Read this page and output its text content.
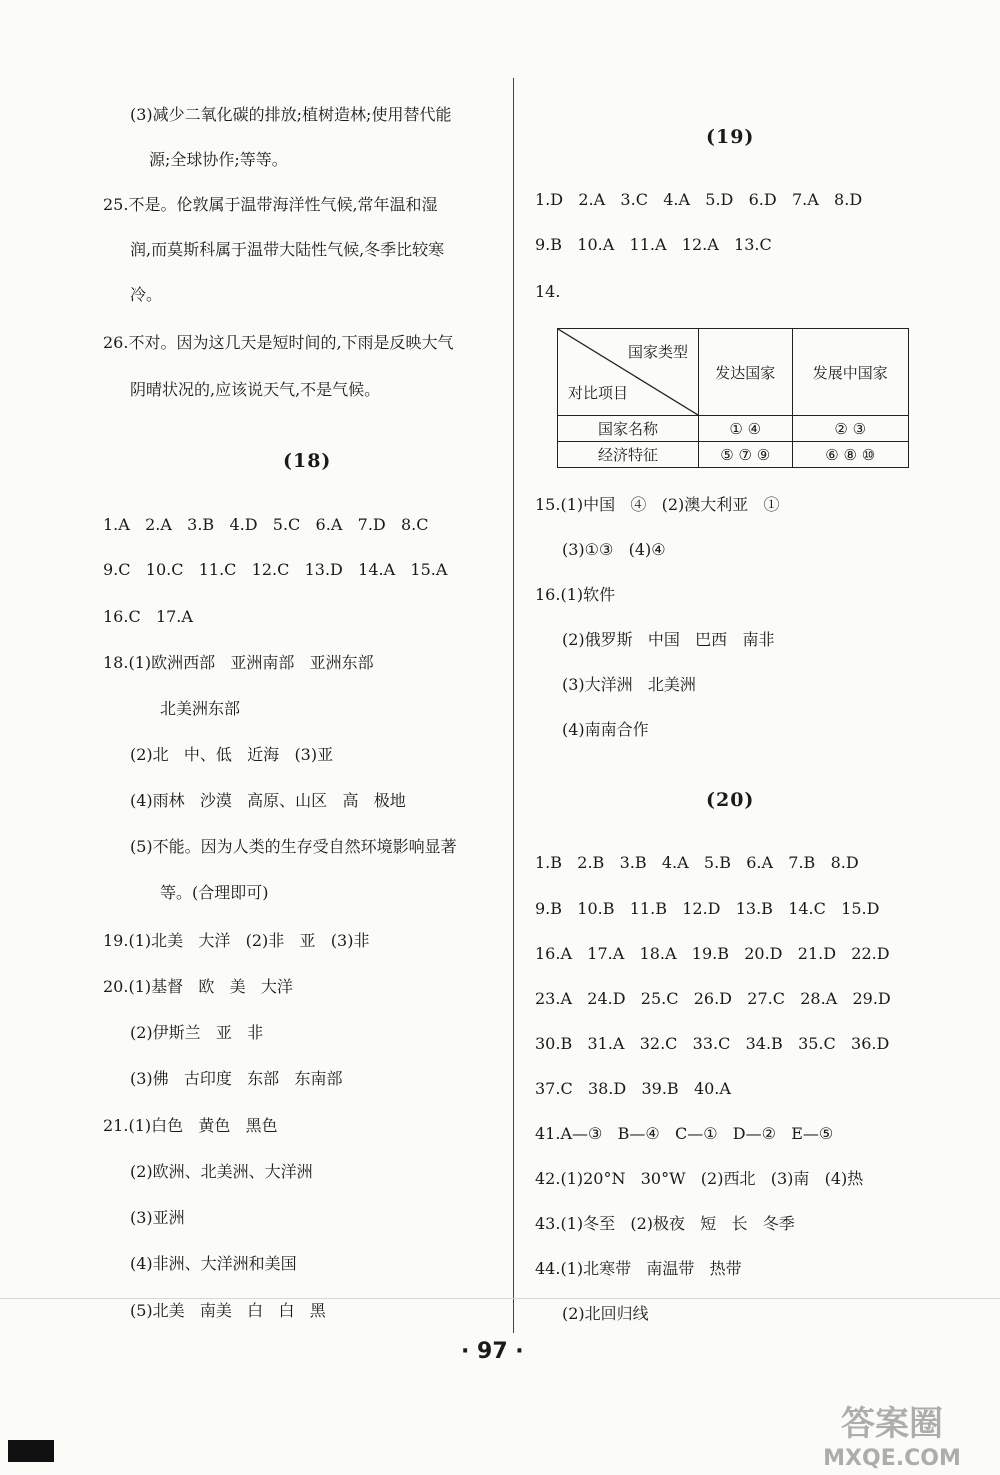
(3)减少二氧化碳的排放;植树造林;使用替代能
源;全球协作;等等。
25.不是。伦敦属于温带海洋性气候,常年温和湿
润,而莫斯科属于温带大陆性气候,冬季比较寒
冷。
26.不对。因为这几天是短时间的,下雨是反映大气
阴晴状况的,应该说天气,不是气候。
(18)
1.A   2.A   3.B   4.D   5.C   6.A   7.D   8.C
9.C   10.C   11.C   12.C   13.D   14.A   15.A
16.C   17.A
18.(1)欧洲西部   亚洲南部   亚洲东部
北美洲东部
(2)北   中、低   近海   (3)亚
(4)雨林   沙漠   高原、山区   高   极地
(5)不能。因为人类的生存受自然环境影响显著
等。(合理即可)
19.(1)北美   大洋   (2)非   亚   (3)非
20.(1)基督   欧   美   大洋
(2)伊斯兰   亚   非
(3)佛   古印度   东部   东南部
21.(1)白色   黄色   黑色
(2)欧洲、北美洲、大洋洲
(3)亚洲
(4)非洲、大洋洲和美国
(5)北美   南美   白   白   黑
(19)
1.D   2.A   3.C   4.A   5.D   6.D   7.A   8.D
9.B   10.A   11.A   12.A   13.C
14.
国家类型
对比项目	发达国家	发展中国家
国家名称	① ④	② ③
经济特征	⑤ ⑦ ⑨	⑥ ⑧ ⑩
15.(1)中国   ④   (2)澳大利亚   ①
(3)①③   (4)④
16.(1)软件
(2)俄罗斯   中国   巴西   南非
(3)大洋洲   北美洲
(4)南南合作
(20)
1.B   2.B   3.B   4.A   5.B   6.A   7.B   8.D
9.B   10.B   11.B   12.D   13.B   14.C   15.D
16.A   17.A   18.A   19.B   20.D   21.D   22.D
23.A   24.D   25.C   26.D   27.C   28.A   29.D
30.B   31.A   32.C   33.C   34.B   35.C   36.D
37.C   38.D   39.B   40.A
41.A—③   B—④   C—①   D—②   E—⑤
42.(1)20°N   30°W   (2)西北   (3)南   (4)热
43.(1)冬至   (2)极夜   短   长   冬季
44.(1)北寒带   南温带   热带
(2)北回归线
· 97 ·
答案圈
MXQE.COM
